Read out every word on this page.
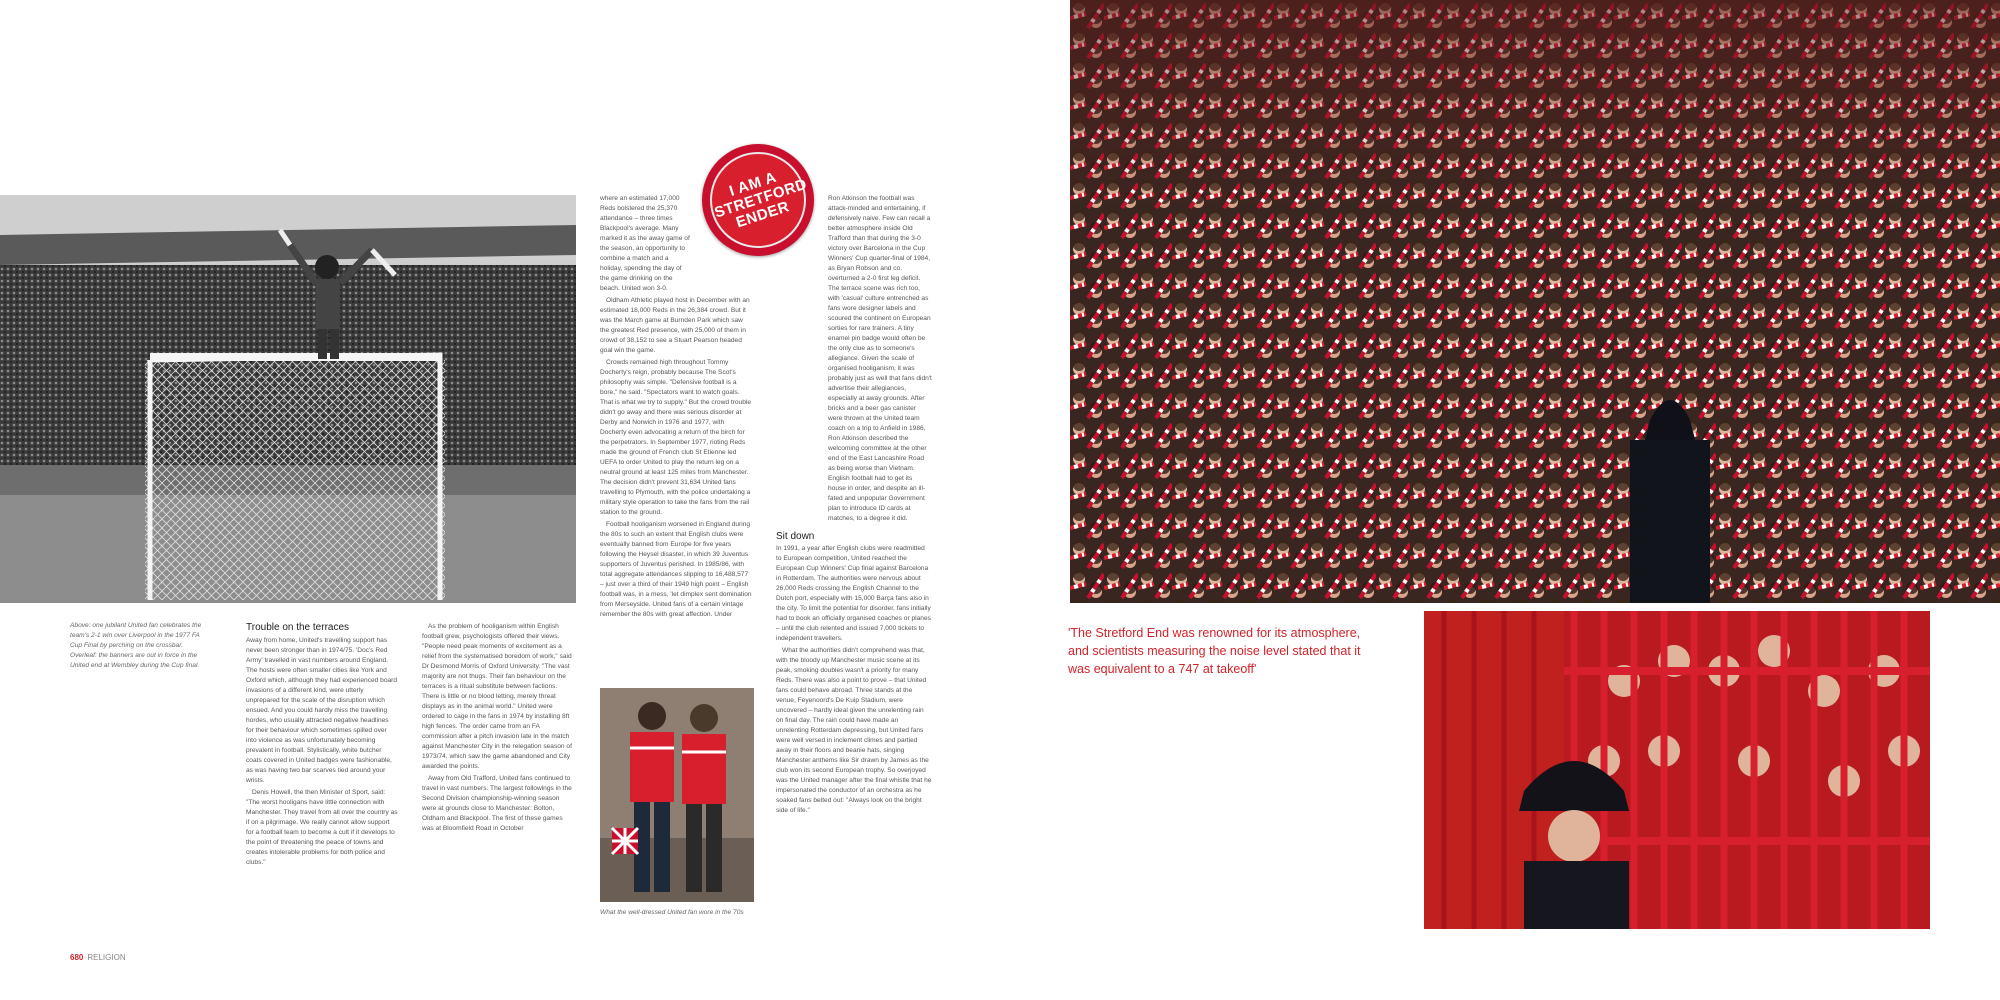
I AM A STRETFORD ENDER
Above: one jubilant United fan celebrates the team's 2-1 win over Liverpool in the 1977 FA Cup Final by perching on the crossbar. Overleaf: the banners are out in force in the United end at Wembley during the Cup final.
Trouble on the terraces

Away from home, United's travelling support has never been stronger than in 1974/75. 'Doc's Red Army' travelled in vast numbers around England. The hosts were often smaller cities like York and Oxford which, although they had experienced board invasions of a different kind, were utterly unprepared for the scale of the disruption which ensued. And you could hardly miss the travelling hordes, who usually attracted negative headlines for their behaviour which sometimes spilled over into violence as was unfortunately becoming prevalent in football. Stylistically, white butcher coats covered in United badges were fashionable, as was having two bar scarves tied around your wrists.

Denis Howell, the then Minister of Sport, said: "The worst hooligans have little connection with Manchester. They travel from all over the country as if on a pilgrimage. We really cannot allow support for a football team to become a cult if it develops to the point of threatening the peace of towns and creates intolerable problems for both police and clubs."

As the problem of hooliganism within English football grew, psychologists offered their views. "People need peak moments of excitement as a relief from the systematised boredom of work," said Dr Desmond Morris of Oxford University. "The vast majority are not thugs. Their fan behaviour on the terraces is a ritual substitute between factions. There is little or no blood letting, merely threat displays as in the animal world." United were ordered to cage in the fans in 1974 by installing 8ft high fences. The order came from an FA commission after a pitch invasion late in the match against Manchester City in the relegation season of 1973/74, which saw the game abandoned and City awarded the points.

Away from Old Trafford, United fans continued to travel in vast numbers. The largest followings in the Second Division championship-winning season were at grounds close to Manchester: Bolton, Oldham and Blackpool. The first of these games was at Bloomfield Road in October

where an estimated 17,000 Reds bolstered the 25,370 attendance – three times Blackpool's average. Many marked it as the away game of the season, an opportunity to combine a match and a holiday, spending the day of the game drinking on the beach. United won 3-0.

Oldham Athletic played host in December with an estimated 18,000 Reds in the 26,384 crowd. But it was the March game at Burnden Park which saw the greatest Red presence, with 25,000 of them in crowd of 38,152 to see a Stuart Pearson headed goal win the game.

Crowds remained high throughout Tommy Docherty's reign, probably because The Scot's philosophy was simple. "Defensive football is a bore," he said. "Spectators want to watch goals. That is what we try to supply." But the crowd trouble didn't go away and there was serious disorder at Derby and Norwich in 1976 and 1977, with Docherty even advocating a return of the birch for the perpetrators. In September 1977, rioting Reds made the ground of French club St Etienne led UEFA to order United to play the return leg on a neutral ground at least 125 miles from Manchester. The decision didn't prevent 31,634 United fans travelling to Plymouth, with the police undertaking a military style operation to take the fans from the rail station to the ground.

Football hooliganism worsened in England during the 80s to such an extent that English clubs were eventually banned from Europe for five years following the Heysel disaster, in which 39 Juventus supporters of Juventus perished. In 1985/86, with total aggregate attendances slipping to 16,488,577 – just over a third of their 1949 high point – English football was, in a mess, 'let dimplex sent domination from Merseyside. United fans of a certain vintage remember the 80s with great affection. Under

Ron Atkinson the football was attack-minded and entertaining, if defensively naive. Few can recall a better atmosphere inside Old Trafford than that during the 3-0 victory over Barcelona in the Cup Winners' Cup quarter-final of 1984, as Bryan Robson and co. overturned a 2-0 first leg deficit. The terrace scene was rich too, with 'casual' culture entrenched as fans wore designer labels and scoured the continent on European sorties for rare trainers. A tiny enamel pin badge would often be the only clue as to someone's allegiance. Given the scale of organised hooliganism, it was probably just as well that fans didn't advertise their allegiances, especially at away grounds. After bricks and a beer gas canister were thrown at the United team coach on a trip to Anfield in 1986, Ron Atkinson described the welcoming committee at the other end of the East Lancashire Road as being worse than Vietnam. English football had to get its house in order, and despite an ill-fated and unpopular Government plan to introduce ID cards at matches, to a degree it did.

Sit down

In 1991, a year after English clubs were readmitted to European competition, United reached the European Cup Winners' Cup final against Barcelona in Rotterdam. The authorities were nervous about 26,000 Reds crossing the English Channel to the Dutch port, especially with 15,000 Barça fans also in the city. To limit the potential for disorder, fans initially had to book an officially organised coaches or planes – until the club relented and issued 7,000 tickets to independent travellers.

What the authorities didn't comprehend was that, with the bloody up Manchester music scene at its peak, smoking doubles wasn't a priority for many Reds. There was also a point to prove – that United fans could behave abroad. Three stands at the venue, Feyenoord's De Kuip Stadium, were uncovered – hardly ideal given the unrelenting rain on final day. The rain could have made an unrelenting Rotterdam depressing, but United fans were well versed in inclement climes and partied away in their floors and beanie hats, singing Manchester anthems like Sir drawn by James as the club won its second European trophy. So overjoyed was the United manager after the final whistle that he impersonated the conductor of an orchestra as he soaked fans belted out: "Always look on the bright side of life."

What the well-dressed United fan wore in the 70s
'The Stretford End was renowned for its atmosphere, and scientists measuring the noise level stated that it was equivalent to a 747 at takeoff'
680 RELIGION
